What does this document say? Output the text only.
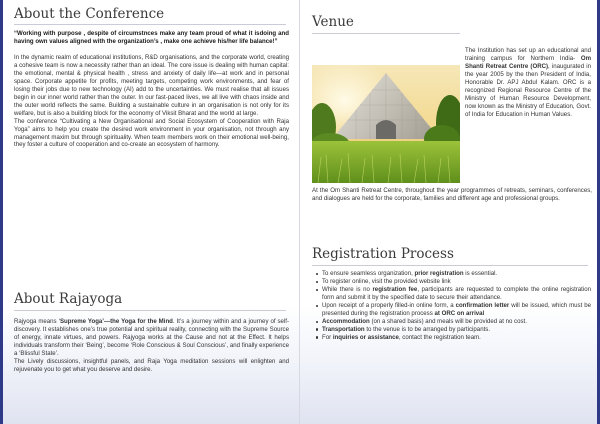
About the Conference

“Working with purpose , despite of circumstnces make any team proud of what it isdoing and having own values aligned with the organization’s , make one achieve his/her life balance!”

In the dynamic realm of educational institutions, R&D organisations, and the corporate world, creating a cohesive team is now a necessity rather than an ideal. The core issue is dealing with human capital: the emotional, mental & physical health , stress and anxiety of daily life—at work and in personal space. Corporate appetite for profits, meeting targets, competing work environments, and fear of losing their jobs due to new technology (AI) add to the uncertainties. We must realise that all issues begin in our inner world rather than the outer. In our fast-paced lives, we all live with chaos inside and the outer world reflects the same. Building a sustainable culture in an organisation is not only for its welfare, but is also a building block for the economy of Viksit Bharat and the world at large.

The conference “Cultivating a New Organisational and Social Ecosystem of Cooperation with Raja Yoga” aims to help you create the desired work environment in your organisation, not through any management maxim but through spirituality. When team members work on their emotional well-being, they foster a culture of cooperation and co-create an ecosystem of harmony.

About Rajayoga

Rajyoga means ‘Supreme Yoga’—the Yoga for the Mind. It’s a journey within and a journey of self-discovery. It establishes one’s true potential and spiritual reality, connecting with the Supreme Source of energy, innate virtues, and powers. Rajyoga works at the Cause and not at the Effect. It helps individuals transform their ‘Being’, become ‘Role Conscious & Soul Conscious’, and finally experience a ‘Blissful State’.

The Lively discussions, insightful panels, and Raja Yoga meditation sessions will enlighten and rejuvenate you to get what you deserve and desire.

Venue

The Institution has set up an educational and training campus for Northern India- Om Shanti Retreat Centre (ORC), inaugurated in the year 2005 by the then President of India, Honorable Dr. APJ Abdul Kalam. ORC is a recognized Regional Resource Centre of the Ministry of Human Resource Development, now known as the Ministry of Education, Govt. of India for Education in Human Values.

At the Om Shanti Retreat Centre, throughout the year programmes of retreats, seminars, conferences, and dialogues are held for the corporate, families and different age and professional groups.
Registration Process
To ensure seamless organization, prior registration is essential.
To register online, visit the provided website link
While there is no registration fee, participants are requested to complete the online registration form and submit it by the specified date to secure their attendance.
Upon receipt of a properly filled-in online form, a confirmation letter will be issued, which must be presented during the registration process at ORC on arrival
Accommodation (on a shared basis) and meals will be provided at no cost.
Transportation to the venue is to be arranged by participants.
For inquiries or assistance, contact the registration team.
